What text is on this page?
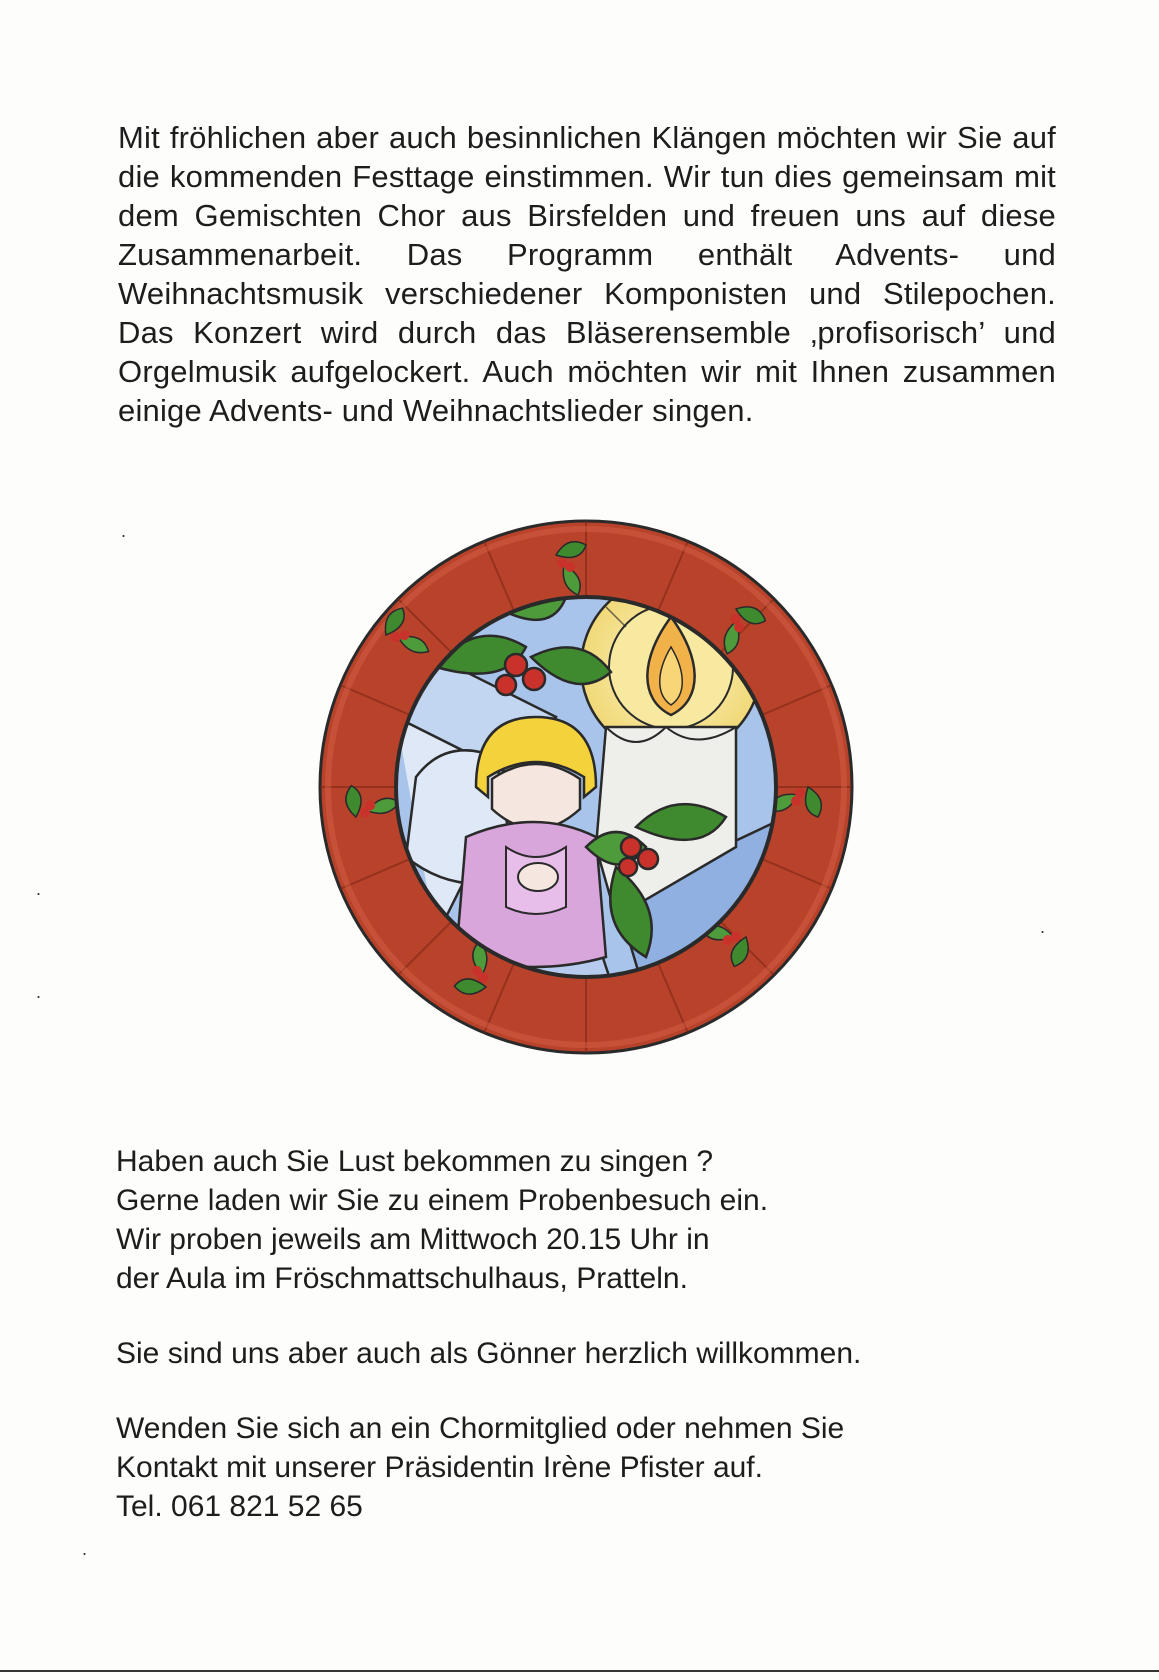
Mit fröhlichen aber auch besinnlichen Klängen möchten wir Sie auf die kommenden Festtage einstimmen. Wir tun dies gemeinsam mit dem Gemischten Chor aus Birsfelden und freuen uns auf diese Zusammenarbeit. Das Programm enthält Advents- und Weihnachtsmusik verschiedener Komponisten und Stilepochen. Das Konzert wird durch das Bläserensemble ‚profisorisch’ und Orgelmusik aufgelockert. Auch möchten wir mit Ihnen zusammen einige Advents- und Weihnachtslieder singen.

.
.
.
.
.

Haben auch Sie Lust bekommen zu singen ?
Gerne laden wir Sie zu einem Probenbesuch ein.
Wir proben jeweils am Mittwoch 20.15 Uhr in
der Aula im Fröschmattschulhaus, Pratteln.

Sie sind uns aber auch als Gönner herzlich willkommen.

Wenden Sie sich an ein Chormitglied oder nehmen Sie
Kontakt mit unserer Präsidentin Irène Pfister auf.
Tel. 061 821 52 65
